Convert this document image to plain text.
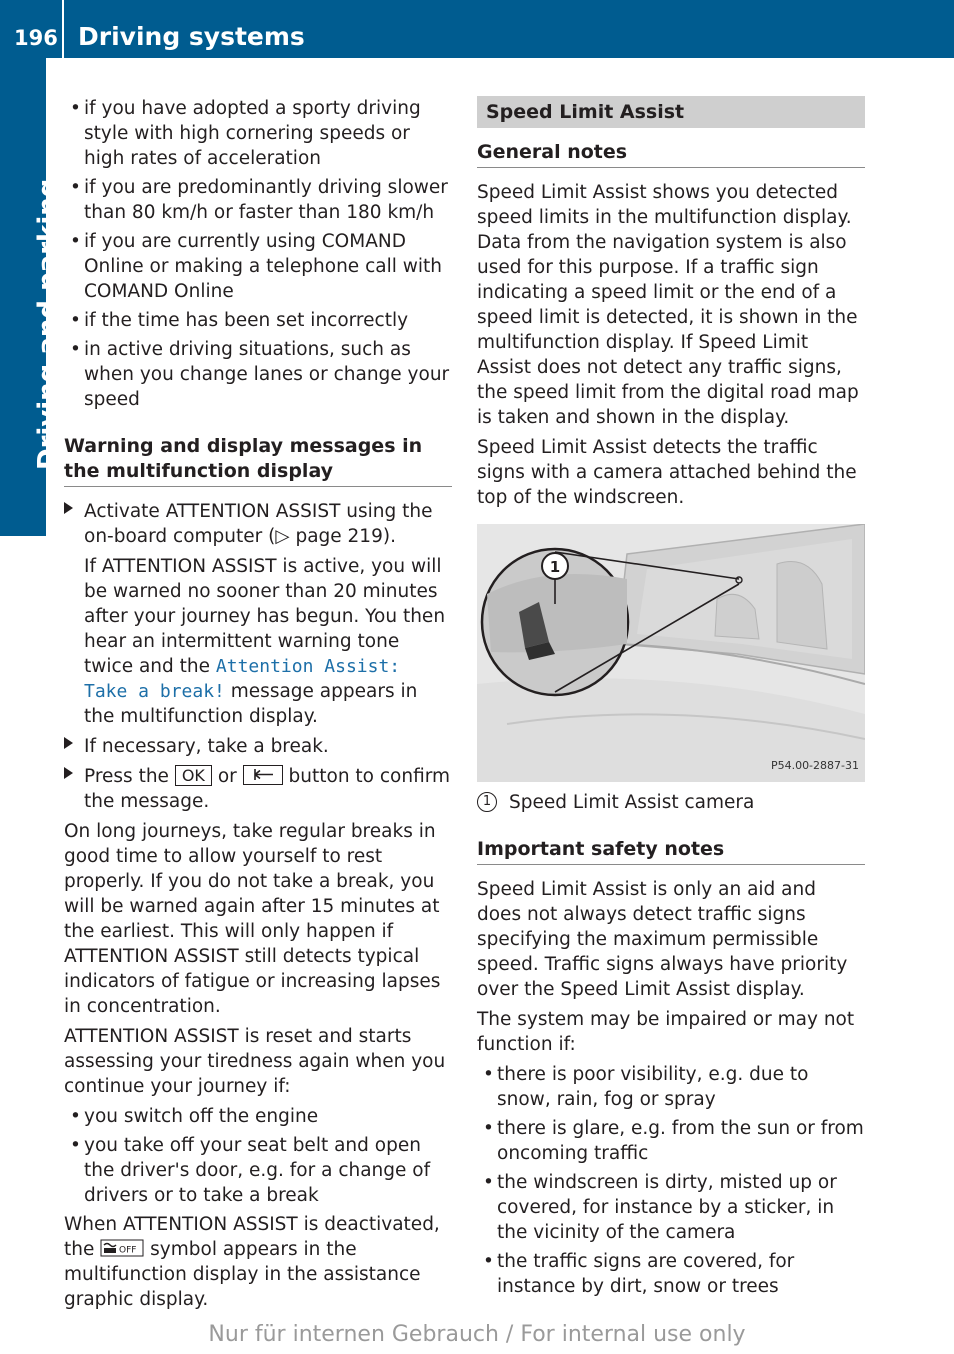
196 Driving systems
Driving and parking
• if you have adopted a sporty driving style with high cornering speeds or high rates of acceleration
• if you are predominantly driving slower than 80 km/h or faster than 180 km/h
• if you are currently using COMAND Online or making a telephone call with COMAND Online
• if the time has been set incorrectly
• in active driving situations, such as when you change lanes or change your speed
Warning and display messages in the multifunction display
Activate ATTENTION ASSIST using the on-board computer (▷ page 219).
If ATTENTION ASSIST is active, you will be warned no sooner than 20 minutes after your journey has begun. You then hear an intermittent warning tone twice and the Attention Assist: Take a break! message appears in the multifunction display.
If necessary, take a break.
Press the OK or	button to confirm the message.

On long journeys, take regular breaks in good time to allow yourself to rest properly. If you do not take a break, you will be warned again after 15 minutes at the earliest. This will only happen if ATTENTION ASSIST still detects typical indicators of fatigue or increasing lapses in concentration.

ATTENTION ASSIST is reset and starts assessing your tiredness again when you continue your journey if:

• you switch off the engine
• you take off your seat belt and open the driver's door, e.g. for a change of drivers or to take a break

When ATTENTION ASSIST is deactivated, the	OFF symbol appears in the multifunction display in the assistance graphic display.

Speed Limit Assist
General notes

Speed Limit Assist shows you detected speed limits in the multifunction display. Data from the navigation system is also used for this purpose. If a traffic sign indicating a speed limit or the end of a speed limit is detected, it is shown in the multifunction display. If Speed Limit Assist does not detect any traffic signs, the speed limit from the digital road map is taken and shown in the display.

Speed Limit Assist detects the traffic signs with a camera attached behind the top of the windscreen.

1
P54.00-2887-31
1 Speed Limit Assist camera
Important safety notes

Speed Limit Assist is only an aid and does not always detect traffic signs specifying the maximum permissible speed. Traffic signs always have priority over the Speed Limit Assist display.

The system may be impaired or may not function if:

• there is poor visibility, e.g. due to snow, rain, fog or spray
• there is glare, e.g. from the sun or from oncoming traffic
• the windscreen is dirty, misted up or covered, for instance by a sticker, in the vicinity of the camera
• the traffic signs are covered, for instance by dirt, snow or trees
Nur für internen Gebrauch / For internal use only
